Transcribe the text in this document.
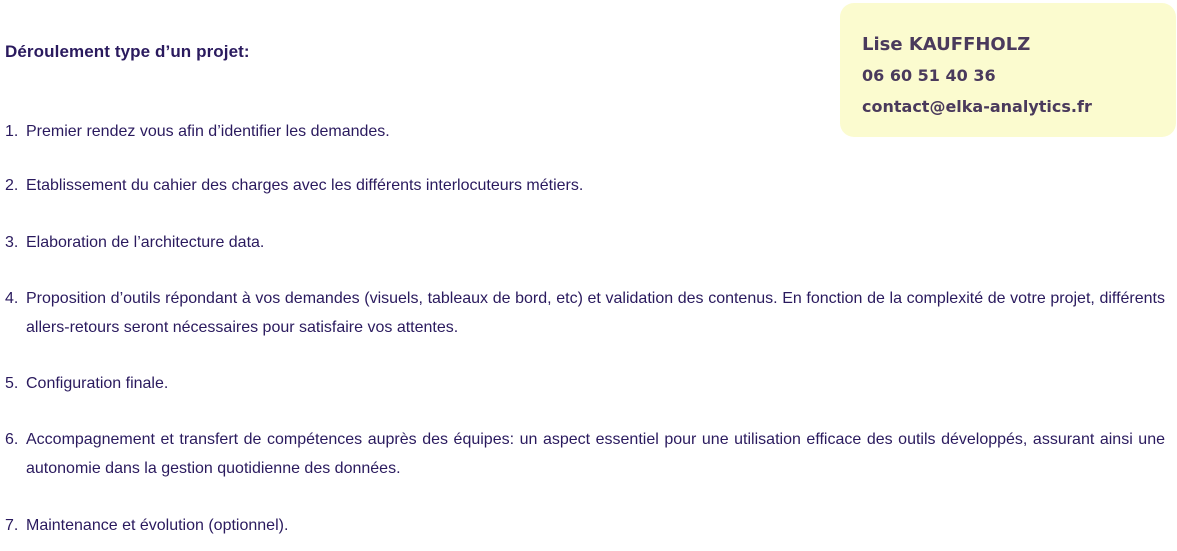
Déroulement type d’un projet:	Lise KAUFFHOLZ
06 60 51 40 36
contact@elka-analytics.fr
1. Premier rendez vous afin d’identifier les demandes.
2. Etablissement du cahier des charges avec les différents interlocuteurs métiers.
3. Elaboration de l’architecture data.
4. Proposition d’outils répondant à vos demandes (visuels, tableaux de bord, etc) et validation des contenus. En fonction de la complexité de votre projet, différents allers-retours seront nécessaires pour satisfaire vos attentes.
5. Configuration finale.
6. Accompagnement et transfert de compétences auprès des équipes: un aspect essentiel pour une utilisation efficace des outils développés, assurant ainsi une autonomie dans la gestion quotidienne des données.
7. Maintenance et évolution (optionnel).
